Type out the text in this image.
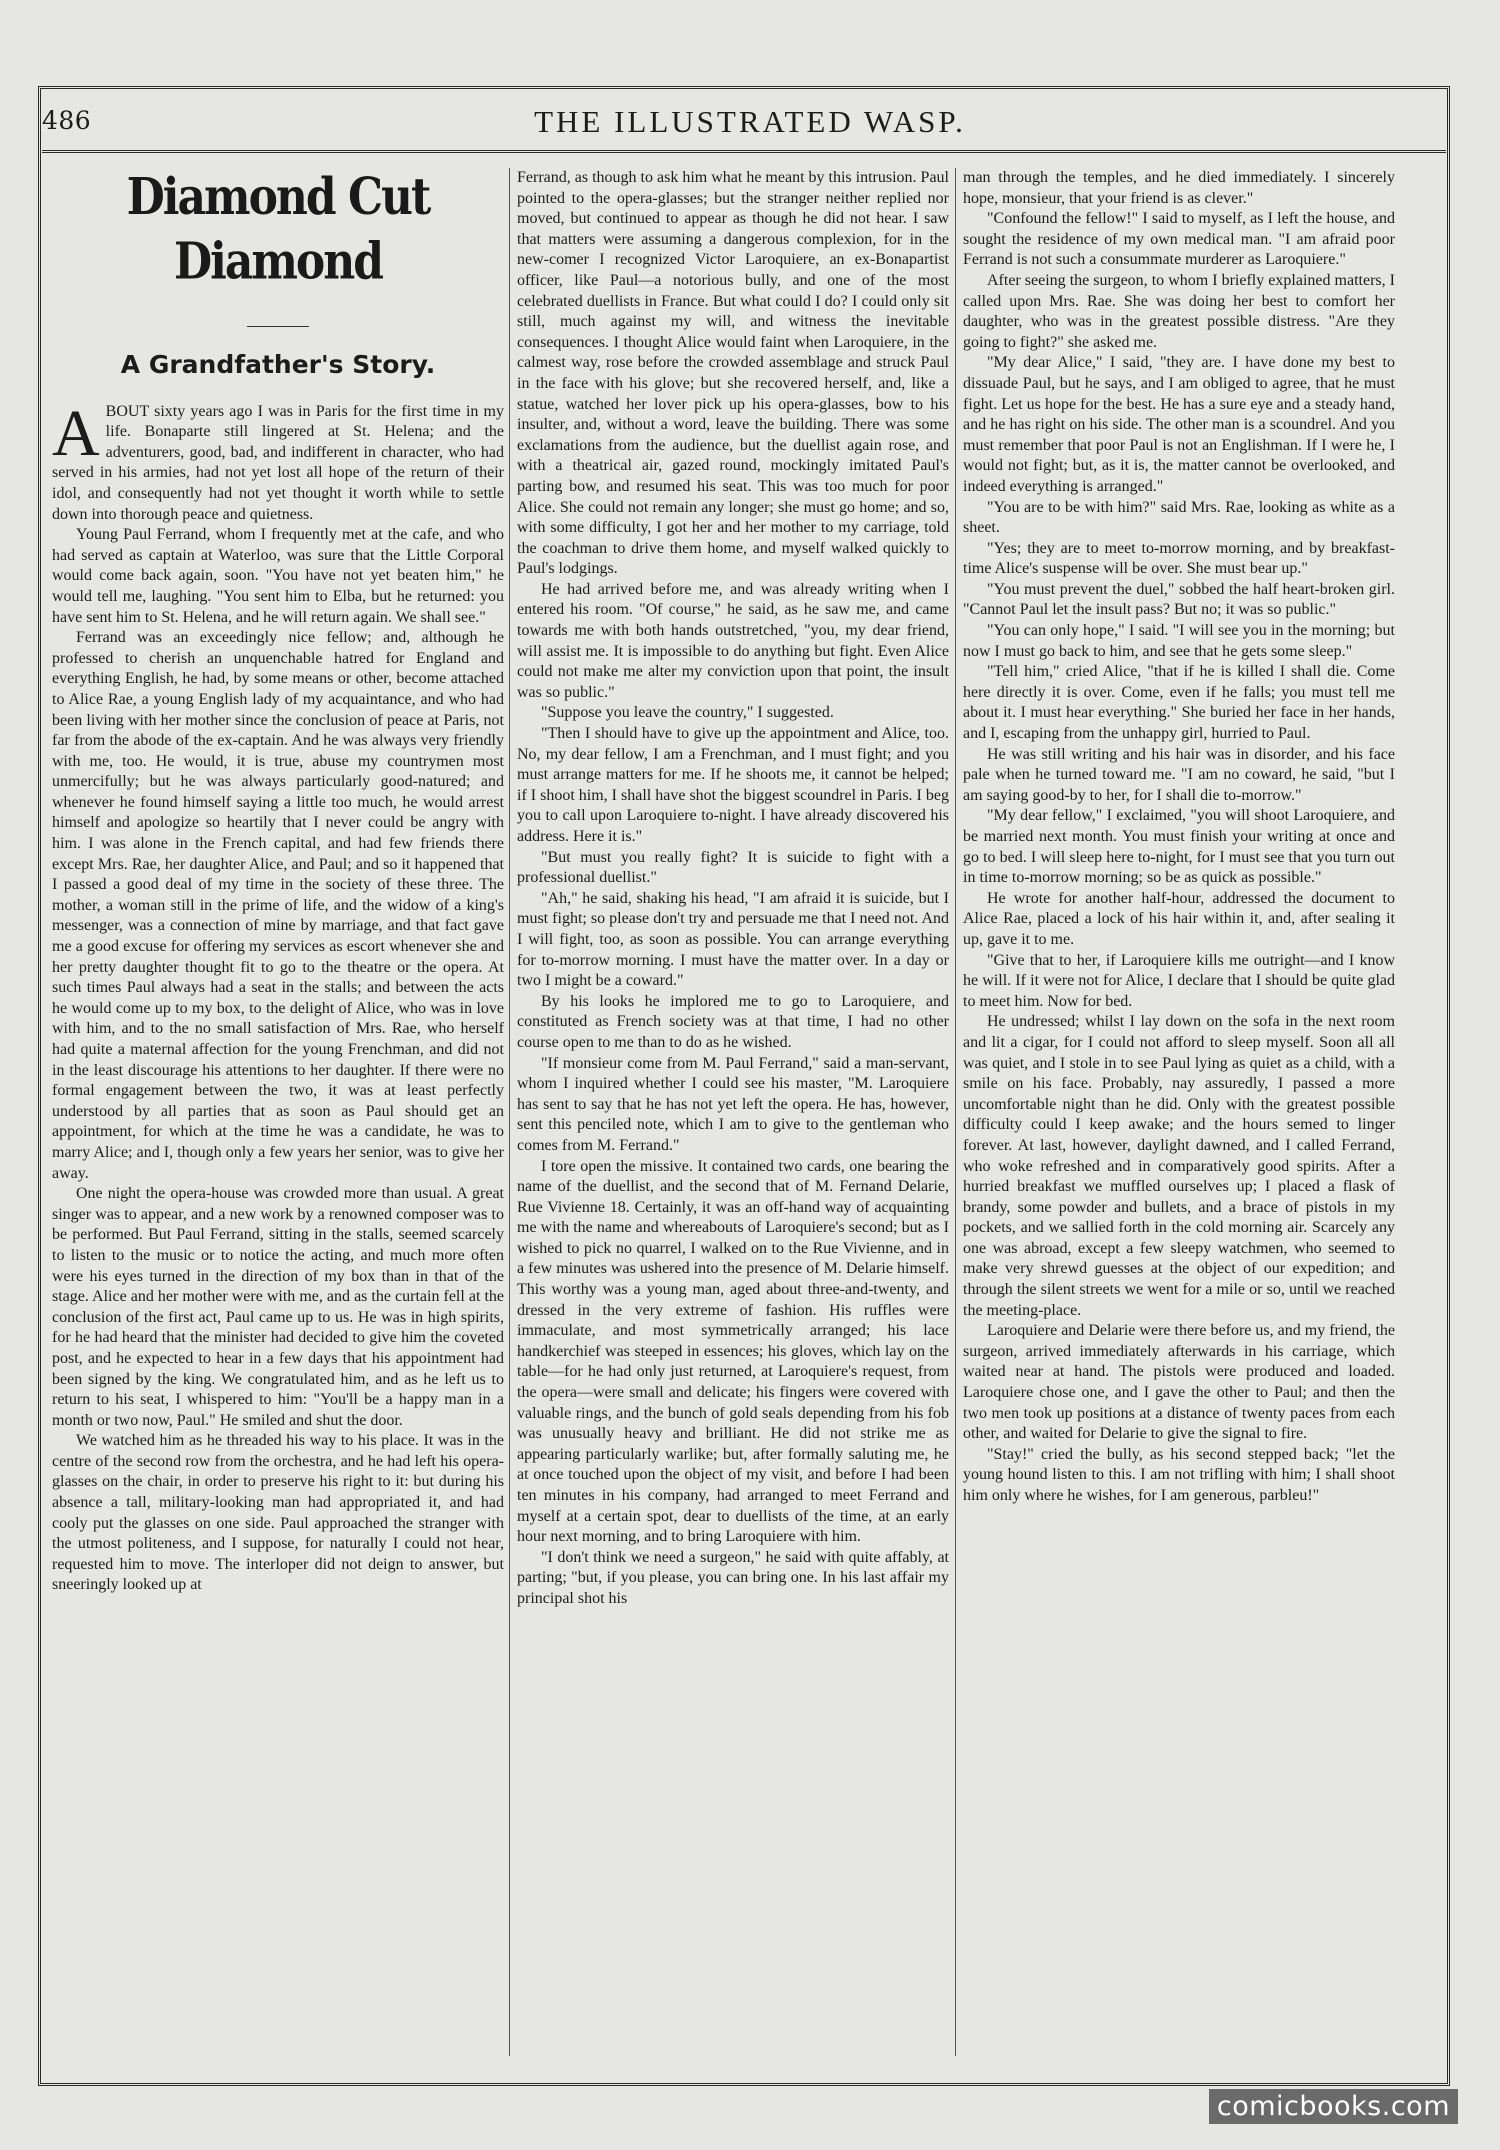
486	THE ILLUSTRATED WASP.
Diamond Cut Diamond
A Grandfather's Story.

ABOUT sixty years ago I was in Paris for the first time in my life. Bonaparte still lingered at St. Helena; and the adventurers, good, bad, and indifferent in character, who had served in his armies, had not yet lost all hope of the return of their idol, and consequently had not yet thought it worth while to settle down into thorough peace and quietness.

Young Paul Ferrand, whom I frequently met at the cafe, and who had served as captain at Waterloo, was sure that the Little Corporal would come back again, soon. "You have not yet beaten him," he would tell me, laughing. "You sent him to Elba, but he returned: you have sent him to St. Helena, and he will return again. We shall see."

Ferrand was an exceedingly nice fellow; and, although he professed to cherish an unquenchable hatred for England and everything English, he had, by some means or other, become attached to Alice Rae, a young English lady of my acquaintance, and who had been living with her mother since the conclusion of peace at Paris, not far from the abode of the ex-captain. And he was always very friendly with me, too. He would, it is true, abuse my countrymen most unmercifully; but he was always particularly good-natured; and whenever he found himself saying a little too much, he would arrest himself and apologize so heartily that I never could be angry with him. I was alone in the French capital, and had few friends there except Mrs. Rae, her daughter Alice, and Paul; and so it happened that I passed a good deal of my time in the society of these three. The mother, a woman still in the prime of life, and the widow of a king's messenger, was a connection of mine by marriage, and that fact gave me a good excuse for offering my services as escort whenever she and her pretty daughter thought fit to go to the theatre or the opera. At such times Paul always had a seat in the stalls; and between the acts he would come up to my box, to the delight of Alice, who was in love with him, and to the no small satisfaction of Mrs. Rae, who herself had quite a maternal affection for the young Frenchman, and did not in the least discourage his attentions to her daughter. If there were no formal engagement between the two, it was at least perfectly understood by all parties that as soon as Paul should get an appointment, for which at the time he was a candidate, he was to marry Alice; and I, though only a few years her senior, was to give her away.

One night the opera-house was crowded more than usual. A great singer was to appear, and a new work by a renowned composer was to be performed. But Paul Ferrand, sitting in the stalls, seemed scarcely to listen to the music or to notice the acting, and much more often were his eyes turned in the direction of my box than in that of the stage. Alice and her mother were with me, and as the curtain fell at the conclusion of the first act, Paul came up to us. He was in high spirits, for he had heard that the minister had decided to give him the coveted post, and he expected to hear in a few days that his appointment had been signed by the king. We congratulated him, and as he left us to return to his seat, I whispered to him: "You'll be a happy man in a month or two now, Paul." He smiled and shut the door.

We watched him as he threaded his way to his place. It was in the centre of the second row from the orchestra, and he had left his opera-glasses on the chair, in order to preserve his right to it: but during his absence a tall, military-looking man had appropriated it, and had cooly put the glasses on one side. Paul approached the stranger with the utmost politeness, and I suppose, for naturally I could not hear, requested him to move. The interloper did not deign to answer, but sneeringly looked up at

Ferrand, as though to ask him what he meant by this intrusion. Paul pointed to the opera-glasses; but the stranger neither replied nor moved, but continued to appear as though he did not hear. I saw that matters were assuming a dangerous complexion, for in the new-comer I recognized Victor Laroquiere, an ex-Bonapartist officer, like Paul—a notorious bully, and one of the most celebrated duellists in France. But what could I do? I could only sit still, much against my will, and witness the inevitable consequences. I thought Alice would faint when Laroquiere, in the calmest way, rose before the crowded assemblage and struck Paul in the face with his glove; but she recovered herself, and, like a statue, watched her lover pick up his opera-glasses, bow to his insulter, and, without a word, leave the building. There was some exclamations from the audience, but the duellist again rose, and with a theatrical air, gazed round, mockingly imitated Paul's parting bow, and resumed his seat. This was too much for poor Alice. She could not remain any longer; she must go home; and so, with some difficulty, I got her and her mother to my carriage, told the coachman to drive them home, and myself walked quickly to Paul's lodgings.

He had arrived before me, and was already writing when I entered his room. "Of course," he said, as he saw me, and came towards me with both hands outstretched, "you, my dear friend, will assist me. It is impossible to do anything but fight. Even Alice could not make me alter my conviction upon that point, the insult was so public."

"Suppose you leave the country," I suggested.

"Then I should have to give up the appointment and Alice, too. No, my dear fellow, I am a Frenchman, and I must fight; and you must arrange matters for me. If he shoots me, it cannot be helped; if I shoot him, I shall have shot the biggest scoundrel in Paris. I beg you to call upon Laroquiere to-night. I have already discovered his address. Here it is."

"But must you really fight? It is suicide to fight with a professional duellist."

"Ah," he said, shaking his head, "I am afraid it is suicide, but I must fight; so please don't try and persuade me that I need not. And I will fight, too, as soon as possible. You can arrange everything for to-morrow morning. I must have the matter over. In a day or two I might be a coward."

By his looks he implored me to go to Laroquiere, and constituted as French society was at that time, I had no other course open to me than to do as he wished.

"If monsieur come from M. Paul Ferrand," said a man-servant, whom I inquired whether I could see his master, "M. Laroquiere has sent to say that he has not yet left the opera. He has, however, sent this penciled note, which I am to give to the gentleman who comes from M. Ferrand."

I tore open the missive. It contained two cards, one bearing the name of the duellist, and the second that of M. Fernand Delarie, Rue Vivienne 18. Certainly, it was an off-hand way of acquainting me with the name and whereabouts of Laroquiere's second; but as I wished to pick no quarrel, I walked on to the Rue Vivienne, and in a few minutes was ushered into the presence of M. Delarie himself. This worthy was a young man, aged about three-and-twenty, and dressed in the very extreme of fashion. His ruffles were immaculate, and most symmetrically arranged; his lace handkerchief was steeped in essences; his gloves, which lay on the table—for he had only just returned, at Laroquiere's request, from the opera—were small and delicate; his fingers were covered with valuable rings, and the bunch of gold seals depending from his fob was unusually heavy and brilliant. He did not strike me as appearing particularly warlike; but, after formally saluting me, he at once touched upon the object of my visit, and before I had been ten minutes in his company, had arranged to meet Ferrand and myself at a certain spot, dear to duellists of the time, at an early hour next morning, and to bring Laroquiere with him.

"I don't think we need a surgeon," he said with quite affably, at parting; "but, if you please, you can bring one. In his last affair my principal shot his

man through the temples, and he died immediately. I sincerely hope, monsieur, that your friend is as clever."

"Confound the fellow!" I said to myself, as I left the house, and sought the residence of my own medical man. "I am afraid poor Ferrand is not such a consummate murderer as Laroquiere."

After seeing the surgeon, to whom I briefly explained matters, I called upon Mrs. Rae. She was doing her best to comfort her daughter, who was in the greatest possible distress. "Are they going to fight?" she asked me.

"My dear Alice," I said, "they are. I have done my best to dissuade Paul, but he says, and I am obliged to agree, that he must fight. Let us hope for the best. He has a sure eye and a steady hand, and he has right on his side. The other man is a scoundrel. And you must remember that poor Paul is not an Englishman. If I were he, I would not fight; but, as it is, the matter cannot be overlooked, and indeed everything is arranged."

"You are to be with him?" said Mrs. Rae, looking as white as a sheet.

"Yes; they are to meet to-morrow morning, and by breakfast-time Alice's suspense will be over. She must bear up."

"You must prevent the duel," sobbed the half heart-broken girl. "Cannot Paul let the insult pass? But no; it was so public."

"You can only hope," I said. "I will see you in the morning; but now I must go back to him, and see that he gets some sleep."

"Tell him," cried Alice, "that if he is killed I shall die. Come here directly it is over. Come, even if he falls; you must tell me about it. I must hear everything." She buried her face in her hands, and I, escaping from the unhappy girl, hurried to Paul.

He was still writing and his hair was in disorder, and his face pale when he turned toward me. "I am no coward, he said, "but I am saying good-by to her, for I shall die to-morrow."

"My dear fellow," I exclaimed, "you will shoot Laroquiere, and be married next month. You must finish your writing at once and go to bed. I will sleep here to-night, for I must see that you turn out in time to-morrow morning; so be as quick as possible."

He wrote for another half-hour, addressed the document to Alice Rae, placed a lock of his hair within it, and, after sealing it up, gave it to me.

"Give that to her, if Laroquiere kills me outright—and I know he will. If it were not for Alice, I declare that I should be quite glad to meet him. Now for bed.

He undressed; whilst I lay down on the sofa in the next room and lit a cigar, for I could not afford to sleep myself. Soon all all was quiet, and I stole in to see Paul lying as quiet as a child, with a smile on his face. Probably, nay assuredly, I passed a more uncomfortable night than he did. Only with the greatest possible difficulty could I keep awake; and the hours semed to linger forever. At last, however, daylight dawned, and I called Ferrand, who woke refreshed and in comparatively good spirits. After a hurried breakfast we muffled ourselves up; I placed a flask of brandy, some powder and bullets, and a brace of pistols in my pockets, and we sallied forth in the cold morning air. Scarcely any one was abroad, except a few sleepy watchmen, who seemed to make very shrewd guesses at the object of our expedition; and through the silent streets we went for a mile or so, until we reached the meeting-place.

Laroquiere and Delarie were there before us, and my friend, the surgeon, arrived immediately afterwards in his carriage, which waited near at hand. The pistols were produced and loaded. Laroquiere chose one, and I gave the other to Paul; and then the two men took up positions at a distance of twenty paces from each other, and waited for Delarie to give the signal to fire.

"Stay!" cried the bully, as his second stepped back; "let the young hound listen to this. I am not trifling with him; I shall shoot him only where he wishes, for I am generous, parbleu!"

comicbooks.com
